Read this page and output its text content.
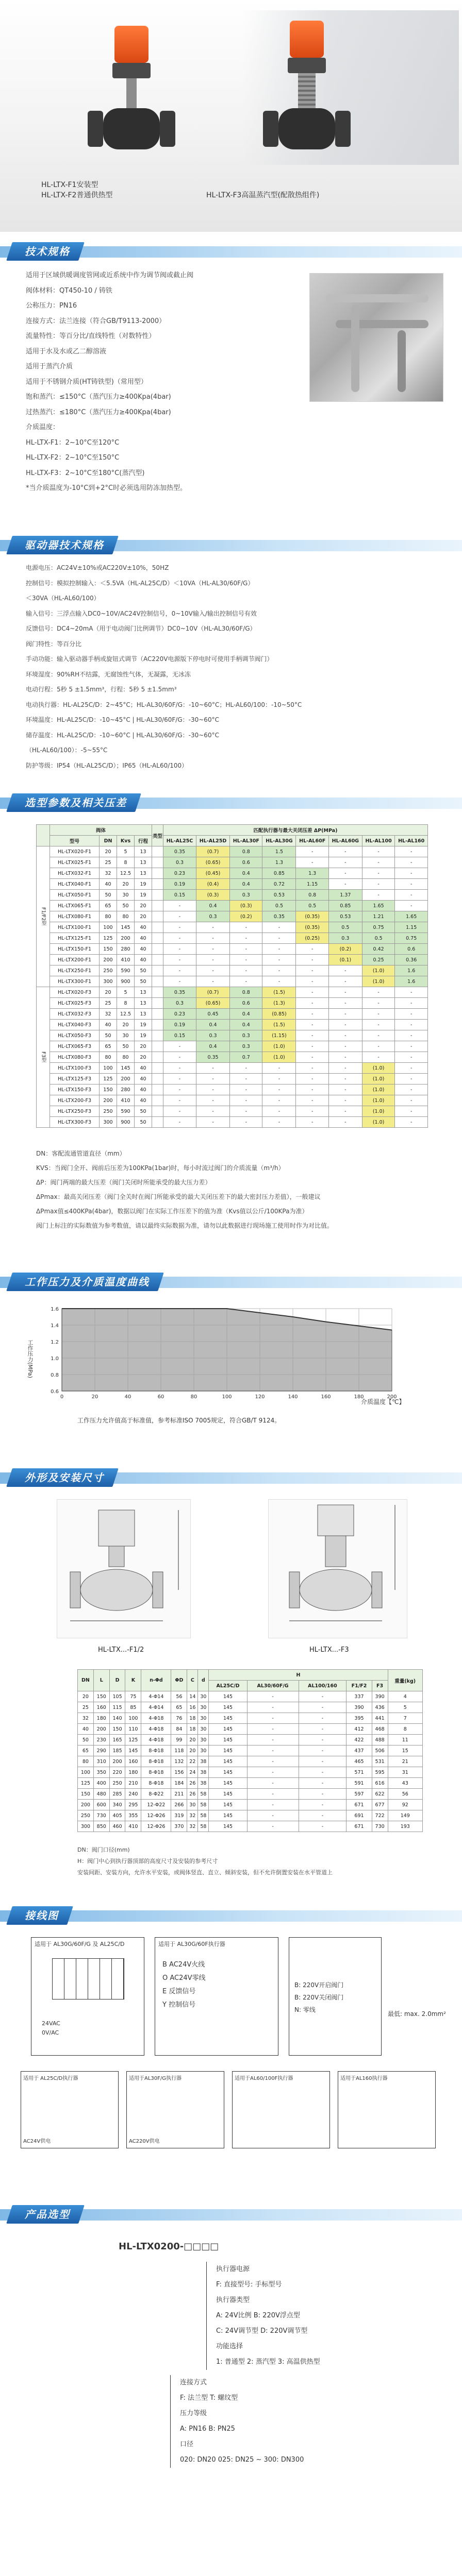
HL-LTX-F1安装型
HL-LTX-F2普通供热型	HL-LTX-F3高温蒸汽型(配散热组件)
技术规格
适用于区域供暖调度管网或近系统中作为调节阀或截止阀
阀体材料：QT450-10 / 铸铁
公称压力：PN16
连接方式：法兰连接（符合GB/T9113-2000）
流量特性：等百分比/直线特性（对数特性）
适用于水及水或乙二醇溶液
适用于蒸汽介质
适用于不锈钢介质(HT铸铁型)（常用型）
饱和蒸汽：≤150°C（蒸汽压力≥400Kpa(4bar)
过热蒸汽：≤180°C（蒸汽压力≥400Kpa(4bar)
介质温度：
HL-LTX-F1：2~10°C至120°C
HL-LTX-F2：2~10°C至150°C
HL-LTX-F3：2~10°C至180°C(蒸汽型)
*当介质温度为-10°C到+2°C时必须选用防冻加热型。
驱动器技术规格
电源电压：AC24V±10%或AC220V±10%，50HZ
控制信号：模拟控制输入：＜5.5VA（HL-AL25C/D）＜10VA（HL-AL30/60F/G）
＜30VA（HL-AL60/100）
输入信号：三浮点输入DC0~10V/AC24V控制信号，0~10V输入/输出控制信号有效
反馈信号：DC4~20mA（用于电动阀门比例调节）DC0~10V（HL-AL30/60F/G）
阀门特性：等百分比
手动功能：输入驱动器手柄或旋钮式调节（AC220V电源版下停电时可使用手柄调节阀门）
环境湿度：90%RH不结露，无腐蚀性气体，无凝露，无冰冻
电动行程：5秒 5 ±1.5mm³，行程：5秒 5 ±1.5mm³
电动执行器：HL-AL25C/D：2~45°C；HL-AL30/60F/G：-10~60°C；HL-AL60/100：-10~50°C
环境温度：HL-AL25C/D：-10~45°C | HL-AL30/60F/G：-30~60°C
储存温度：HL-AL25C/D：-10~60°C | HL-AL30/60F/G：-30~60°C
（HL-AL60/100）：-5~55°C
防护等级：IP54（HL-AL25C/D）；IP65（HL-AL60/100）
选型参数及相关压差
	阀体				类型	匹配执行器与最大关闭压差 ΔP(MPa)							
	型号	DN	Kvs	行程		HL-AL25C	HL-AL25D	HL-AL30F	HL-AL30G	HL-AL60F	HL-AL60G	HL-AL100	HL-AL160
F1/F2型	HL-LTX020-F1	20	5	13		0.35	(0.7)	0.8	1.5	-	-	-	-
	HL-LTX025-F1	25	8	13		0.3	(0.65)	0.6	1.3	-	-	-	-
	HL-LTX032-F1	32	12.5	13		0.23	(0.45)	0.4	0.85	1.3	-	-	-
	HL-LTX040-F1	40	20	19		0.19	(0.4)	0.4	0.72	1.15	-	-	-
	HL-LTX050-F1	50	30	19		0.15	(0.3)	0.3	0.53	0.8	1.37	-	-
	HL-LTX065-F1	65	50	20		-	0.4	(0.3)	0.5	0.5	0.85	1.65	-
	HL-LTX080-F1	80	80	20		-	0.3	(0.2)	0.35	(0.35)	0.53	1.21	1.65
	HL-LTX100-F1	100	145	40		-	-	-	-	(0.35)	0.5	0.75	1.15
	HL-LTX125-F1	125	200	40		-	-	-	-	(0.25)	0.3	0.5	0.75
	HL-LTX150-F1	150	280	40		-	-	-	-	-	(0.2)	0.42	0.6
	HL-LTX200-F1	200	410	40		-	-	-	-	-	(0.1)	0.25	0.36
	HL-LTX250-F1	250	590	50		-	-	-	-	-	-	(1.0)	1.6
	HL-LTX300-F1	300	900	50		-	-	-	-	-	-	(1.0)	1.6
F3型	HL-LTX020-F3	20	5	13		0.35	(0.7)	0.8	(1.5)	-	-	-	-
	HL-LTX025-F3	25	8	13		0.3	(0.65)	0.6	(1.3)	-	-	-	-
	HL-LTX032-F3	32	12.5	13		0.23	0.45	0.4	(0.85)	-	-	-	-
	HL-LTX040-F3	40	20	19		0.19	0.4	0.4	(1.5)	-	-	-	-
	HL-LTX050-F3	50	30	19		0.15	0.3	0.3	(1.15)	-	-	-	-
	HL-LTX065-F3	65	50	20		-	0.4	0.3	(1.0)	-	-	-	-
	HL-LTX080-F3	80	80	20		-	0.35	0.7	(1.0)	-	-	-	-
	HL-LTX100-F3	100	145	40		-	-	-	-	-	-	(1.0)	-
	HL-LTX125-F3	125	200	40		-	-	-	-	-	-	(1.0)	-
	HL-LTX150-F3	150	280	40		-	-	-	-	-	-	(1.0)	-
	HL-LTX200-F3	200	410	40		-	-	-	-	-	-	(1.0)	-
	HL-LTX250-F3	250	590	50		-	-	-	-	-	-	(1.0)	-
	HL-LTX300-F3	300	900	50		-	-	-	-	-	-	(1.0)	-
DN：客配流通管道直径（mm）
KVS：当阀门全开、阀前后压差为100KPa(1bar)时，每小时流过阀门的介质流量（m³/h）
ΔP：阀门两端的最大压差（阀门关闭时所能承受的最大压力差）
ΔPmax：最高关闭压差（阀门全关时在阀门所能承受的最大关闭压差下的最大密封压力差值），一般建议
ΔPmax值≤400KPa(4bar)，数据以阀门在实际工作压差下的值为准（Kvs值以公斤/100KPa为准）
阀门上标注的实际数值为参考数值，请以最终实际数据为准，请勿以此数据进行现场施工使用时作为对比值。
工作压力及介质温度曲线
工作压力(MPa)
0.6
0.8
1.0
1.2
1.4
1.6
0	20	40	60	80	100	120	140	160	180	200
介质温度【℃】
工作压力允许值高于标准值，参考标准ISO 7005规定，符合GB/T 9124。
外形及安装尺寸
HL-LTX...-F1/2	HL-LTX...-F3
DN	L	D	K	n-Φd	ΦD	C	d	H					重量(kg)
								AL25C/D	AL30/60F/G	AL100/160	F1/F2	F3	
20	150	105	75	4-Φ14	56	14	30	145	-	-	337	390	4
25	160	115	85	4-Φ14	65	16	30	145	-	-	390	436	5
32	180	140	100	4-Φ18	76	18	30	145	-	-	395	441	7
40	200	150	110	4-Φ18	84	18	30	145	-	-	412	468	8
50	230	165	125	4-Φ18	99	20	30	145	-	-	422	488	11
65	290	185	145	8-Φ18	118	20	30	145	-	-	437	506	15
80	310	200	160	8-Φ18	132	22	38	145	-	-	465	531	21
100	350	220	180	8-Φ18	156	24	38	145	-	-	571	595	31
125	400	250	210	8-Φ18	184	26	38	145	-	-	591	616	43
150	480	285	240	8-Φ22	211	26	58	145	-	-	597	622	56
200	600	340	295	12-Φ22	266	30	58	145	-	-	671	677	92
250	730	405	355	12-Φ26	319	32	58	145	-	-	691	722	149
300	850	460	410	12-Φ26	370	32	58	145	-	-	671	730	193
DN：阀门口径(mm)
H：阀门中心到执行器顶部的高度尺寸及安装的参考尺寸
安装间距、安装方向，允许水平安装，或阀体竖直、直立、倾斜安装，但不允许倒置安装在水平管道上
接线图
适用于 AL30G/60F/G 及 AL25C/D
24VAC
0V/AC
适用于 AL30G/60F执行器
B AC24V火线
O AC24V零线
E 反馈信号
Y 控制信号
B: 220V开启阀门
B: 220V关闭阀门
N: 零线
最低: max. 2.0mm²
适用于 AL25C/D执行器
AC24V供电
适用于AL30F/G执行器
AC220V供电
适用于AL60/100F执行器	适用于AL160执行器
产品选型
HL-LTX0200-□□□□
执行器电源
F: 直接型号: 手标型号
执行器类型
A: 24V比例 B: 220V浮点型
C: 24V调节型 D: 220V调节型
功能选择
1: 普通型 2: 蒸汽型 3: 高温供热型
连接方式
F: 法兰型 T: 螺纹型
压力等级
A: PN16 B: PN25
口径
020: DN20 025: DN25 ~ 300: DN300
